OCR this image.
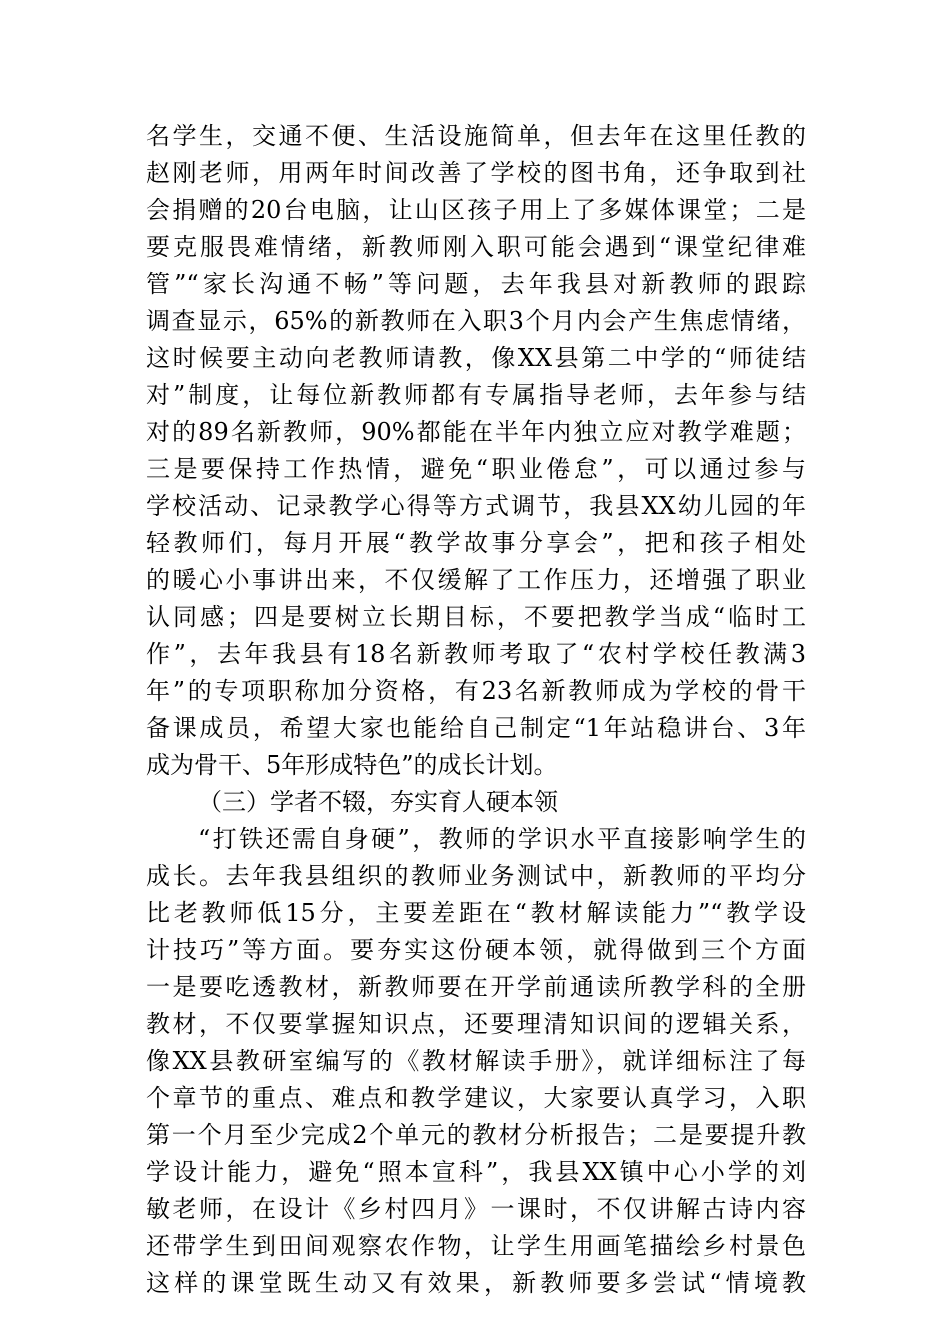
名学生，交通不便、生活设施简单，但去年在这里任教的
赵刚老师，用两年时间改善了学校的图书角，还争取到社
会捐赠的20台电脑，让山区孩子用上了多媒体课堂；二是
要克服畏难情绪，新教师刚入职可能会遇到“课堂纪律难
管”“家长沟通不畅”等问题，去年我县对新教师的跟踪
调查显示，65%的新教师在入职3个月内会产生焦虑情绪，
这时候要主动向老教师请教，像XX县第二中学的“师徒结
对”制度，让每位新教师都有专属指导老师，去年参与结
对的89名新教师，90%都能在半年内独立应对教学难题；
三是要保持工作热情，避免“职业倦怠”，可以通过参与
学校活动、记录教学心得等方式调节，我县XX幼儿园的年
轻教师们，每月开展“教学故事分享会”，把和孩子相处
的暖心小事讲出来，不仅缓解了工作压力，还增强了职业
认同感；四是要树立长期目标，不要把教学当成“临时工
作”，去年我县有18名新教师考取了“农村学校任教满3
年”的专项职称加分资格，有23名新教师成为学校的骨干
备课成员，希望大家也能给自己制定“1年站稳讲台、3年
成为骨干、5年形成特色”的成长计划。
（三）学者不辍，夯实育人硬本领
“打铁还需自身硬”，教师的学识水平直接影响学生的
成长。去年我县组织的教师业务测试中，新教师的平均分
比老教师低15分，主要差距在“教材解读能力”“教学设
计技巧”等方面。要夯实这份硬本领，就得做到三个方面
一是要吃透教材，新教师要在开学前通读所教学科的全册
教材，不仅要掌握知识点，还要理清知识间的逻辑关系，
像XX县教研室编写的《教材解读手册》，就详细标注了每
个章节的重点、难点和教学建议，大家要认真学习，入职
第一个月至少完成2个单元的教材分析报告；二是要提升教
学设计能力，避免“照本宣科”，我县XX镇中心小学的刘
敏老师，在设计《乡村四月》一课时，不仅讲解古诗内容
还带学生到田间观察农作物，让学生用画笔描绘乡村景色
这样的课堂既生动又有效果，新教师要多尝试“情境教
